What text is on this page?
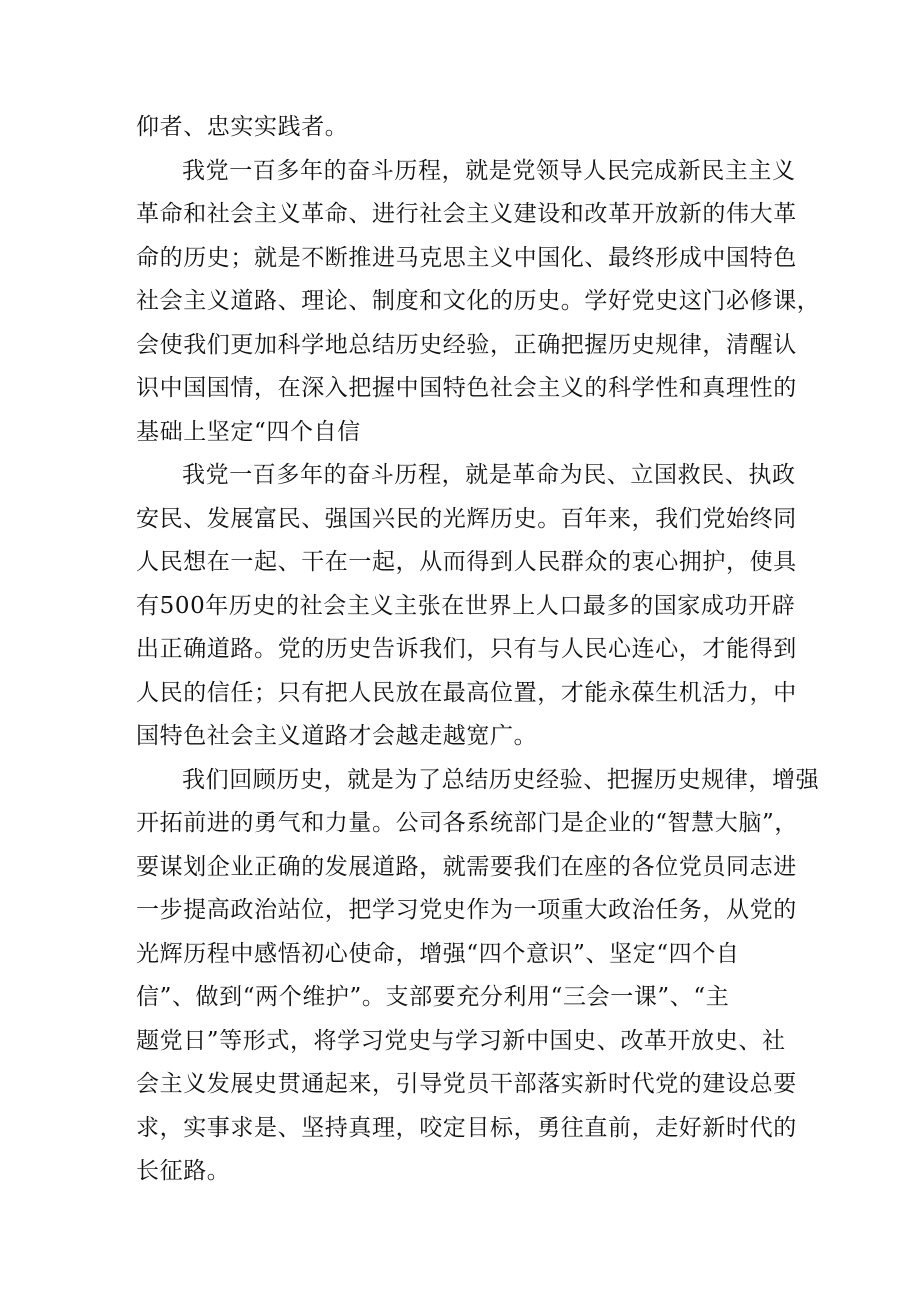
仰者、忠实实践者。
我党一百多年的奋斗历程，就是党领导人民完成新民主主义
革命和社会主义革命、进行社会主义建设和改革开放新的伟大革
命的历史；就是不断推进马克思主义中国化、最终形成中国特色
社会主义道路、理论、制度和文化的历史。学好党史这门必修课，
会使我们更加科学地总结历史经验，正确把握历史规律，清醒认
识中国国情，在深入把握中国特色社会主义的科学性和真理性的
基础上坚定“四个自信
我党一百多年的奋斗历程，就是革命为民、立国救民、执政
安民、发展富民、强国兴民的光辉历史。百年来，我们党始终同
人民想在一起、干在一起，从而得到人民群众的衷心拥护，使具
有500年历史的社会主义主张在世界上人口最多的国家成功开辟
出正确道路。党的历史告诉我们，只有与人民心连心，才能得到
人民的信任；只有把人民放在最高位置，才能永葆生机活力，中
国特色社会主义道路才会越走越宽广。
我们回顾历史，就是为了总结历史经验、把握历史规律，增强
开拓前进的勇气和力量。公司各系统部门是企业的“智慧大脑”，
要谋划企业正确的发展道路，就需要我们在座的各位党员同志进
一步提高政治站位，把学习党史作为一项重大政治任务，从党的
光辉历程中感悟初心使命，增强“四个意识”、坚定“四个自
信”、做到“两个维护”。支部要充分利用“三会一课”、“主
题党日”等形式，将学习党史与学习新中国史、改革开放史、社
会主义发展史贯通起来，引导党员干部落实新时代党的建设总要
求，实事求是、坚持真理，咬定目标，勇往直前，走好新时代的
长征路。
